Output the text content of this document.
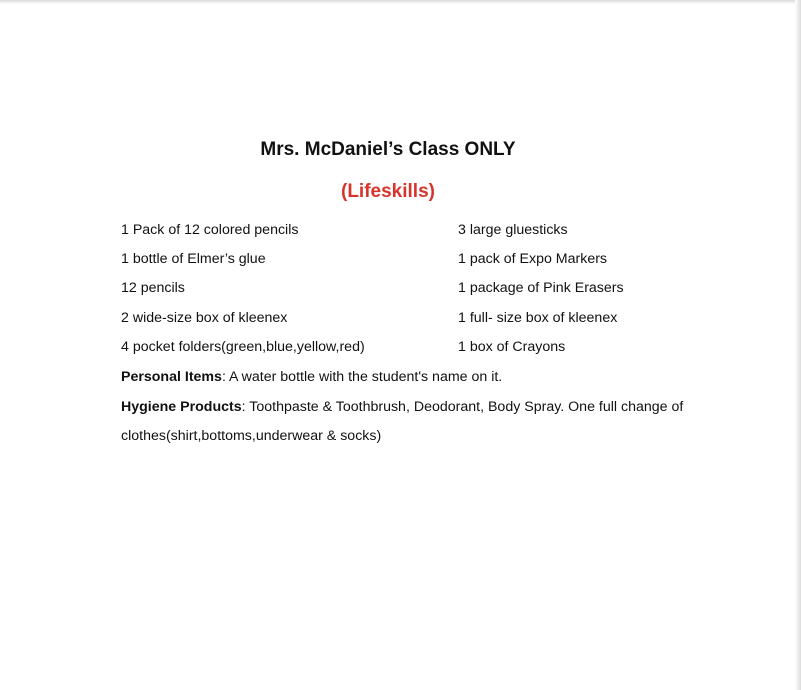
Mrs. McDaniel’s Class ONLY
(Lifeskills)
1 Pack of 12 colored pencils	3 large gluesticks
1 bottle of Elmer’s glue	1 pack of Expo Markers
12 pencils	1 package of Pink Erasers
2 wide-size box of kleenex	1 full- size box of kleenex
4 pocket folders(green,blue,yellow,red)	1 box of Crayons
Personal Items: A water bottle with the student's name on it.
Hygiene Products: Toothpaste & Toothbrush, Deodorant, Body Spray. One full change of
clothes(shirt,bottoms,underwear & socks)
